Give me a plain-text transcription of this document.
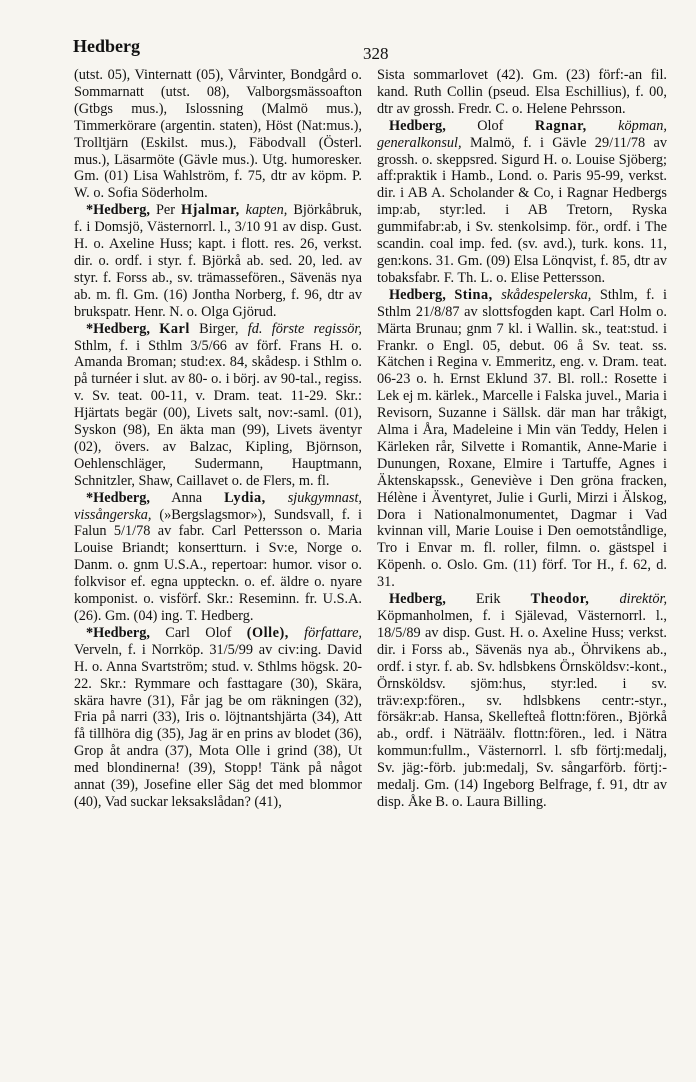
Hedberg	328

(utst. 05), Vinternatt (05), Vårvinter, Bondgård o. Sommarnatt (utst. 08), Valborgsmässoafton (Gtbgs mus.), Islossning (Malmö mus.), Timmerkörare (argentin. staten), Höst (Nat:mus.), Trolltjärn (Eskilst. mus.), Fäbodvall (Österl. mus.), Läsarmöte (Gävle mus.). Utg. humoresker. Gm. (01) Lisa Wahlström, f. 75, dtr av köpm. P. W. o. Sofia Söderholm.

*Hedberg, Per Hjalmar, kapten, Björkåbruk, f. i Domsjö, Västernorrl. l., 3/10 91 av disp. Gust. H. o. Axeline Huss; kapt. i flott. res. 26, verkst. dir. o. ordf. i styr. f. Björkå ab. sed. 20, led. av styr. f. Forss ab., sv. trämassefören., Sävenäs nya ab. m. fl. Gm. (16) Jontha Norberg, f. 96, dtr av brukspatr. Henr. N. o. Olga Gjörud.

*Hedberg, Karl Birger, fd. förste regissör, Sthlm, f. i Sthlm 3/5/66 av förf. Frans H. o. Amanda Broman; stud:ex. 84, skådesp. i Sthlm o. på turnéer i slut. av 80- o. i börj. av 90-tal., regiss. v. Sv. teat. 00-11, v. Dram. teat. 11-29. Skr.: Hjärtats begär (00), Livets salt, nov:-saml. (01), Syskon (98), En äkta man (99), Livets äventyr (02), övers. av Balzac, Kipling, Björnson, Oehlenschläger, Sudermann, Hauptmann, Schnitzler, Shaw, Caillavet o. de Flers, m. fl.

*Hedberg, Anna Lydia, sjukgymnast, vissångerska, (»Bergslagsmor»), Sundsvall, f. i Falun 5/1/78 av fabr. Carl Pettersson o. Maria Louise Briandt; konsertturn. i Sv:e, Norge o. Danm. o. gnm U.S.A., repertoar: humor. visor o. folkvisor ef. egna uppteckn. o. ef. äldre o. nyare komponist. o. visförf. Skr.: Reseminn. fr. U.S.A. (26). Gm. (04) ing. T. Hedberg.

*Hedberg, Carl Olof (Olle), författare, Verveln, f. i Norrköp. 31/5/99 av civ:ing. David H. o. Anna Svartström; stud. v. Sthlms högsk. 20-22. Skr.: Rymmare och fasttagare (30), Skära, skära havre (31), Får jag be om räkningen (32), Fria på narri (33), Iris o. löjtnantshjärta (34), Att få tillhöra dig (35), Jag är en prins av blodet (36), Grop åt andra (37), Mota Olle i grind (38), Ut med blondinerna! (39), Stopp! Tänk på något annat (39), Josefine eller Säg det med blommor (40), Vad suckar leksakslådan? (41),

Sista sommarlovet (42). Gm. (23) förf:-an fil. kand. Ruth Collin (pseud. Elsa Eschillius), f. 00, dtr av grossh. Fredr. C. o. Helene Pehrsson.

Hedberg, Olof Ragnar, köpman, generalkonsul, Malmö, f. i Gävle 29/11/78 av grossh. o. skeppsred. Sigurd H. o. Louise Sjöberg; aff:praktik i Hamb., Lond. o. Paris 95-99, verkst. dir. i AB A. Scholander & Co, i Ragnar Hedbergs imp:ab, styr:led. i AB Tretorn, Ryska gummifabr:ab, i Sv. stenkolsimp. för., ordf. i The scandin. coal imp. fed. (sv. avd.), turk. kons. 11, gen:kons. 31. Gm. (09) Elsa Lönqvist, f. 85, dtr av tobaksfabr. F. Th. L. o. Elise Pettersson.

Hedberg, Stina, skådespelerska, Sthlm, f. i Sthlm 21/8/87 av slottsfogden kapt. Carl Holm o. Märta Brunau; gnm 7 kl. i Wallin. sk., teat:stud. i Frankr. o Engl. 05, debut. 06 å Sv. teat. ss. Kätchen i Regina v. Emmeritz, eng. v. Dram. teat. 06-23 o. h. Ernst Eklund 37. Bl. roll.: Rosette i Lek ej m. kärlek., Marcelle i Falska juvel., Maria i Revisorn, Suzanne i Sällsk. där man har tråkigt, Alma i Åra, Madeleine i Min vän Teddy, Helen i Kärleken rår, Silvette i Romantik, Anne-Marie i Dunungen, Roxane, Elmire i Tartuffe, Agnes i Äktenskapssk., Geneviève i Den gröna fracken, Hélène i Äventyret, Julie i Gurli, Mirzi i Älskog, Dora i Nationalmonumentet, Dagmar i Vad kvinnan vill, Marie Louise i Den oemotståndlige, Tro i Envar m. fl. roller, filmn. o. gästspel i Köpenh. o. Oslo. Gm. (11) förf. Tor H., f. 62, d. 31.

Hedberg, Erik Theodor, direktör, Köpmanholmen, f. i Själevad, Västernorrl. l., 18/5/89 av disp. Gust. H. o. Axeline Huss; verkst. dir. i Forss ab., Sävenäs nya ab., Öhrvikens ab., ordf. i styr. f. ab. Sv. hdlsbkens Örnsköldsv:-kont., Örnsköldsv. sjöm:hus, styr:led. i sv. träv:exp:fören., sv. hdlsbkens centr:-styr., försäkr:ab. Hansa, Skellefteå flottn:fören., Björkå ab., ordf. i Näträälv. flottn:fören., led. i Nätra kommun:fullm., Västernorrl. l. sfb förtj:medalj, Sv. jäg:-förb. jub:medalj, Sv. sångarförb. förtj:-medalj. Gm. (14) Ingeborg Belfrage, f. 91, dtr av disp. Åke B. o. Laura Billing.
